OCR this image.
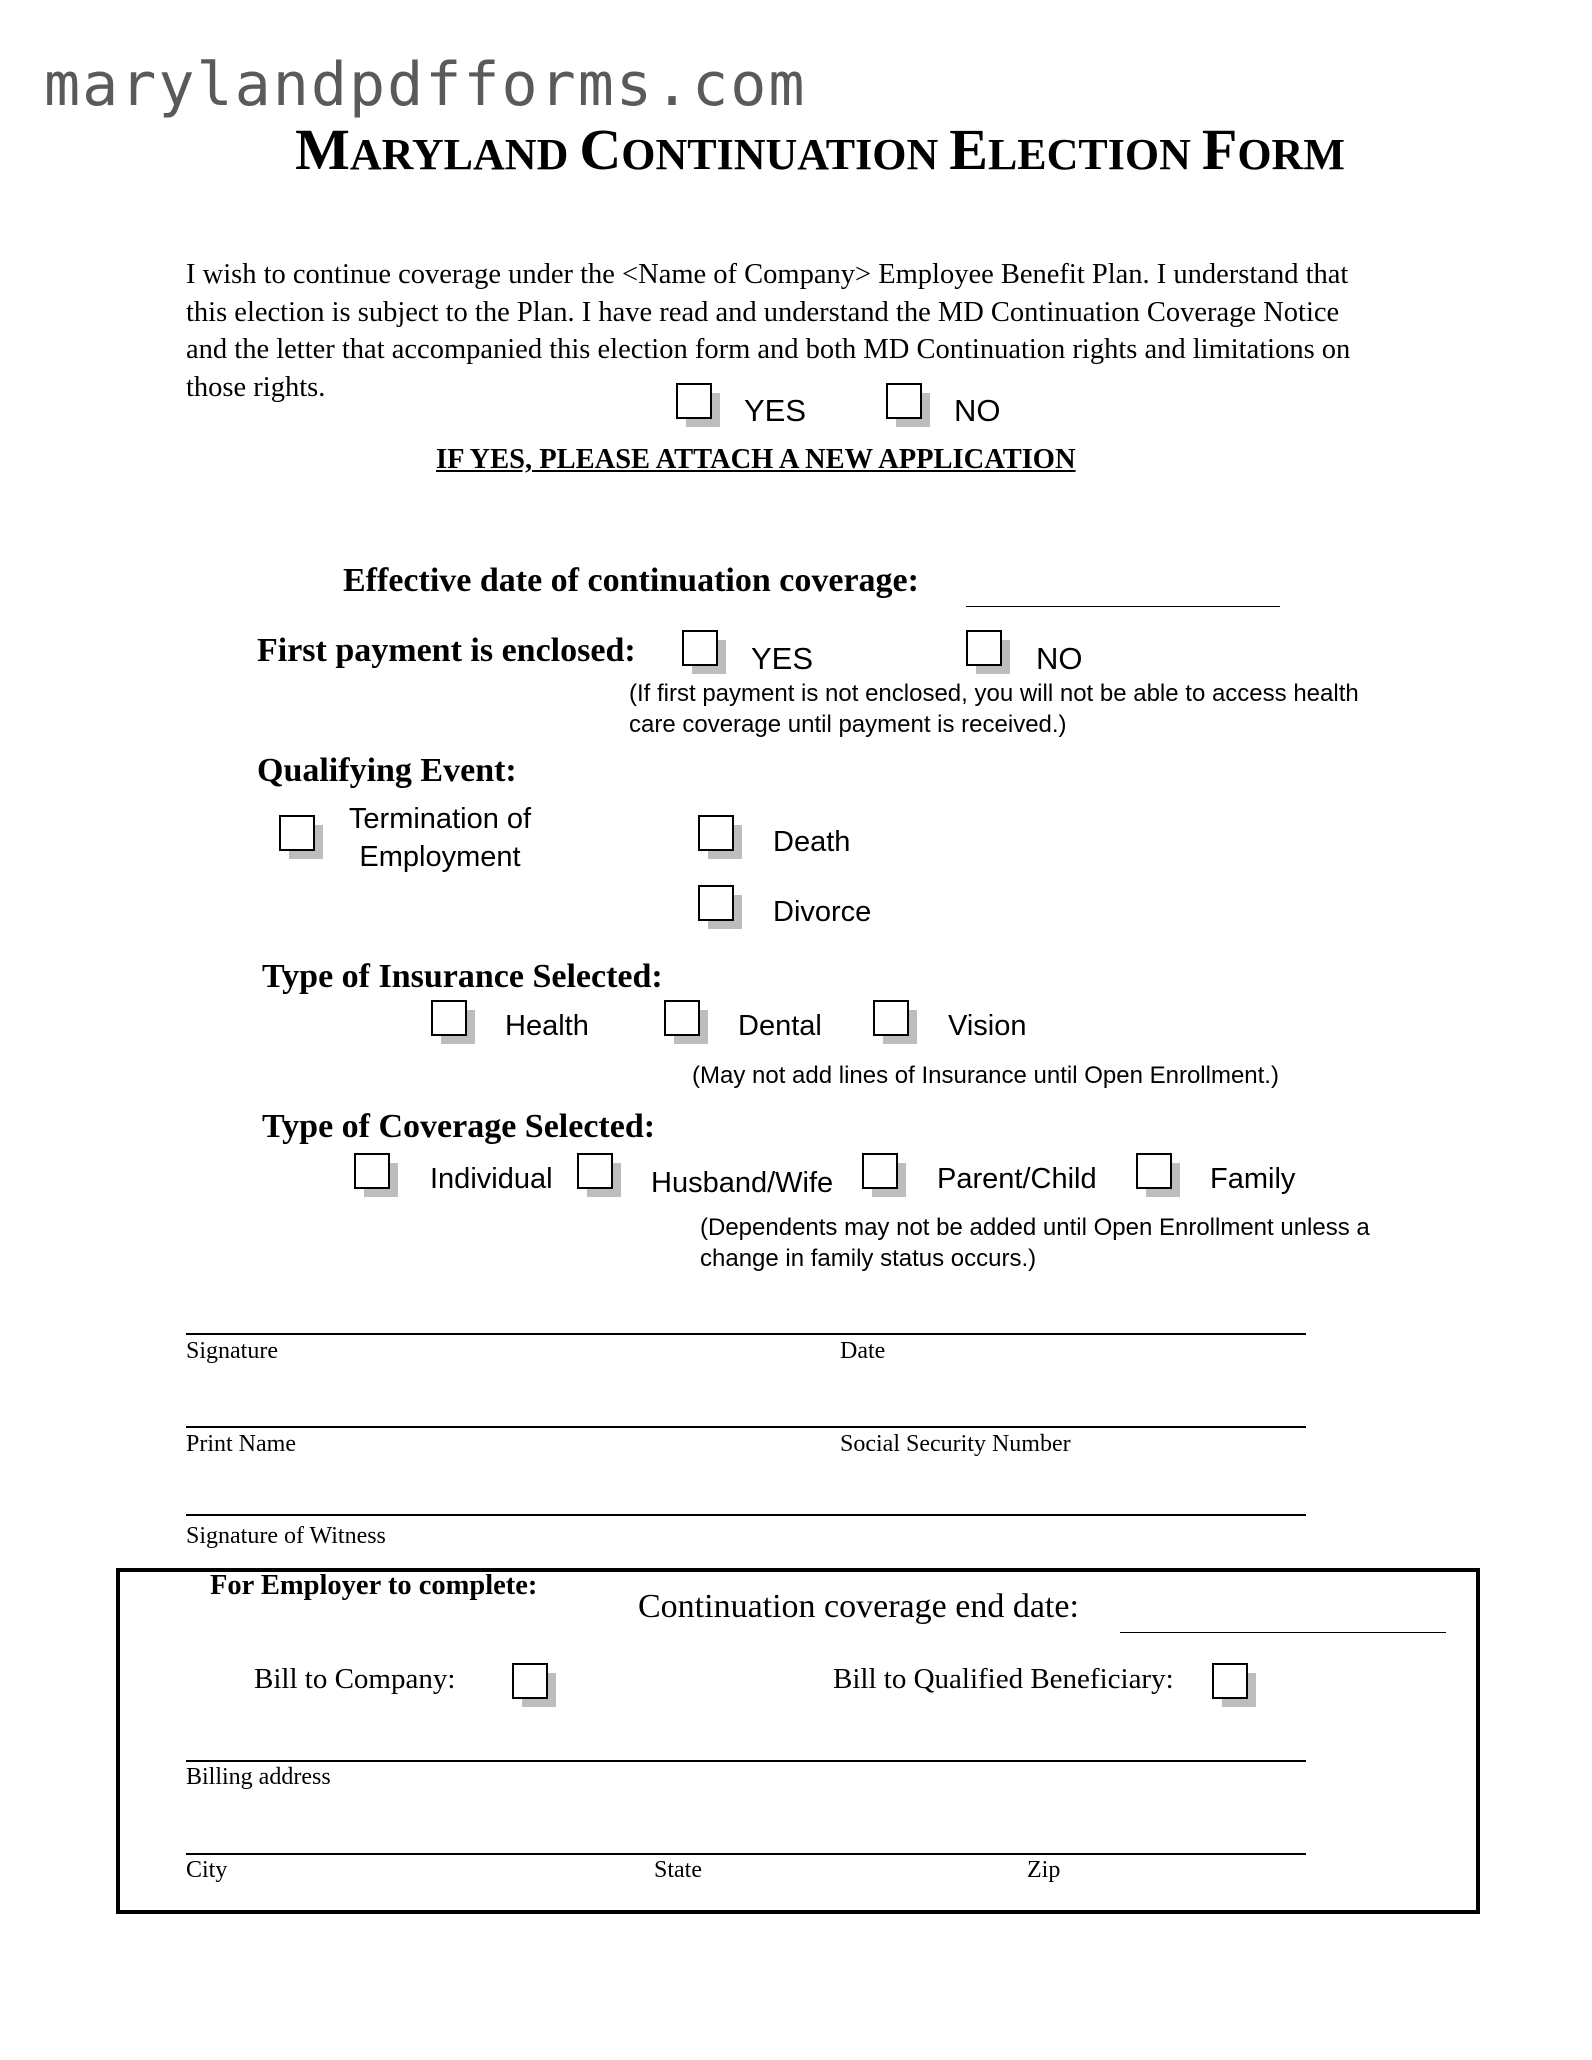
marylandpdfforms.com
MARYLAND CONTINUATION ELECTION FORM
I wish to continue coverage under the <Name of Company> Employee Benefit Plan. I understand that
this election is subject to the Plan. I have read and understand the MD Continuation Coverage Notice
and the letter that accompanied this election form and both MD Continuation rights and limitations on
those rights.
YES	NO
IF YES, PLEASE ATTACH A NEW APPLICATION
Effective date of continuation coverage:
First payment is enclosed:	YES	NO
(If first payment is not enclosed, you will not be able to access health
care coverage until payment is received.)
Qualifying Event:
Termination of
Employment	Death
Divorce
Type of Insurance Selected:
Health	Dental	Vision
(May not add lines of Insurance until Open Enrollment.)
Type of Coverage Selected:
Individual	Husband/Wife	Parent/Child	Family
(Dependents may not be added until Open Enrollment unless a
change in family status occurs.)
Signature	Date
Print Name	Social Security Number
Signature of Witness
For Employer to complete:
Continuation coverage end date:
Bill to Company:	Bill to Qualified Beneficiary:
Billing address
City	State	Zip
